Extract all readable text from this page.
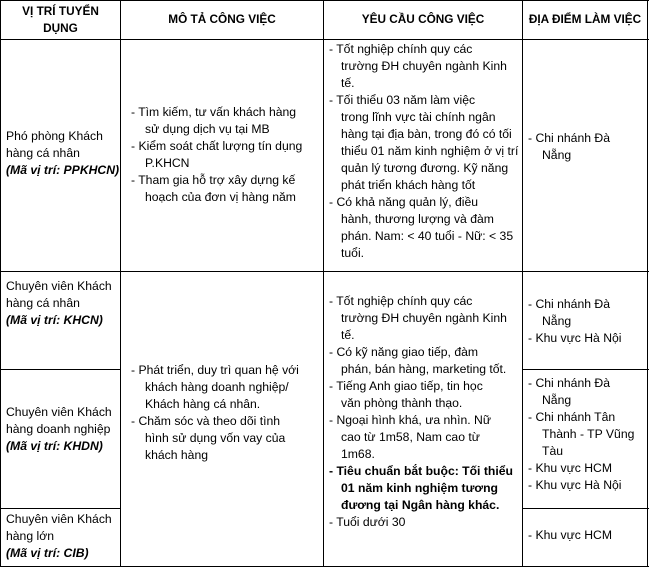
VỊ TRÍ TUYỂN
DỤNG
MÔ TẢ CÔNG VIỆC	YÊU CẦU CÔNG VIỆC	ĐỊA ĐIỂM LÀM VIỆC
Phó phòng Khách
hàng cá nhân
(Mã vị trí: PPKHCN)
- Tìm kiếm, tư vấn khách hàng
sử dụng dịch vụ tại MB
- Kiểm soát chất lượng tín dụng
P.KHCN
- Tham gia hỗ trợ xây dựng kế
hoạch của đơn vị hàng năm
- Tốt nghiệp chính quy các
trường ĐH chuyên ngành Kinh
tế.
- Tối thiểu 03 năm làm việc
trong lĩnh vực tài chính ngân
hàng tại địa bàn, trong đó có tối
thiểu 01 năm kinh nghiệm ở vị trí
quản lý tương đương. Kỹ năng
phát triển khách hàng tốt
- Có khả năng quản lý, điều
hành, thương lượng và đàm
phán. Nam: < 40 tuổi - Nữ: < 35
tuổi.
- Chi nhánh Đà
Nẵng
Chuyên viên Khách
hàng cá nhân
(Mã vị trí: KHCN)
- Chi nhánh Đà
Nẵng
- Khu vực Hà Nội
Chuyên viên Khách
hàng doanh nghiệp
(Mã vị trí: KHDN)
- Chi nhánh Đà
Nẵng
- Chi nhánh Tân
Thành - TP Vũng
Tàu
- Khu vực HCM
- Khu vực Hà Nội
Chuyên viên Khách
hàng lớn
(Mã vị trí: CIB)
- Khu vực HCM
- Phát triển, duy trì quan hệ với
khách hàng doanh nghiệp/
Khách hàng cá nhân.
- Chăm sóc và theo dõi tình
hình sử dụng vốn vay của
khách hàng
- Tốt nghiệp chính quy các
trường ĐH chuyên ngành Kinh
tế.
- Có kỹ năng giao tiếp, đàm
phán, bán hàng, marketing tốt.
- Tiếng Anh giao tiếp, tin học
văn phòng thành thạo.
- Ngoại hình khá, ưa nhìn. Nữ
cao từ 1m58, Nam cao từ
1m68.
- Tiêu chuẩn bắt buộc: Tối thiểu
01 năm kinh nghiệm tương
đương tại Ngân hàng khác.
- Tuổi dưới 30
